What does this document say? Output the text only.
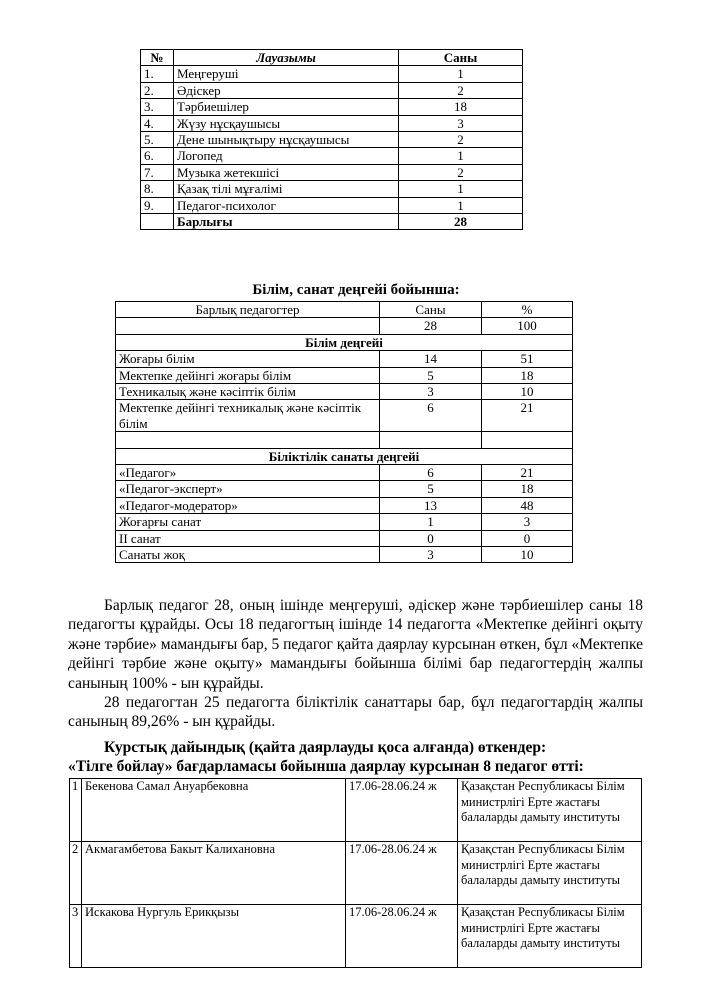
№	Лауазымы	Саны
1.	Меңгеруші	1
2.	Әдіскер	2
3.	Тәрбиешілер	18
4.	Жүзу нұсқаушысы	3
5.	Дене шынықтыру нұсқаушысы	2
6.	Логопед	1
7.	Музыка жетекшісі	2
8.	Қазақ тілі мұғалімі	1
9.	Педагог-психолог	1
	Барлығы	28
Білім, санат деңгейі бойынша:
Барлық педагогтер	Саны	%
	28	100
Білім деңгейі		
Жоғары білім	14	51
Мектепке дейінгі жоғары білім	5	18
Техникалық және кәсіптік білім	3	10
Мектепке дейінгі техникалық және кәсіптік білім	6	21

Біліктілік санаты деңгейі		
«Педагог»	6	21
«Педагог-эксперт»	5	18
«Педагог-модератор»	13	48
Жоғарғы санат	1	3
II санат	0	0
Санаты жоқ	3	10

Барлық педагог 28, оның ішінде меңгеруші, әдіскер және тәрбиешілер саны 18 педагогты құрайды. Осы 18 педагогтың ішінде 14 педагогта «Мектепке дейінгі оқыту және тәрбие» мамандығы бар, 5 педагог қайта даярлау курсынан өткен, бұл «Мектепке дейінгі тәрбие және оқыту» мамандығы бойынша білімі бар педагогтердің жалпы санының 100% - ын құрайды.

28 педагогтан 25 педагогта біліктілік санаттары бар, бұл педагогтардің жалпы санының 89,26% - ын құрайды.

Курстық дайындық (қайта даярлауды қоса алғанда) өткендер:
«Тілге бойлау» бағдарламасы бойынша даярлау курсынан 8 педагог өтті:
1	Бекенова Самал Ануарбековна	17.06-28.06.24 ж	Қазақстан Республикасы Білім министрлігі Ерте жастағы балаларды дамыту институты
2	Акмагамбетова Бакыт Калихановна	17.06-28.06.24 ж	Қазақстан Республикасы Білім министрлігі Ерте жастағы балаларды дамыту институты
3	Искакова Нургуль Ерикқызы	17.06-28.06.24 ж	Қазақстан Республикасы Білім министрлігі Ерте жастағы балаларды дамыту институты
